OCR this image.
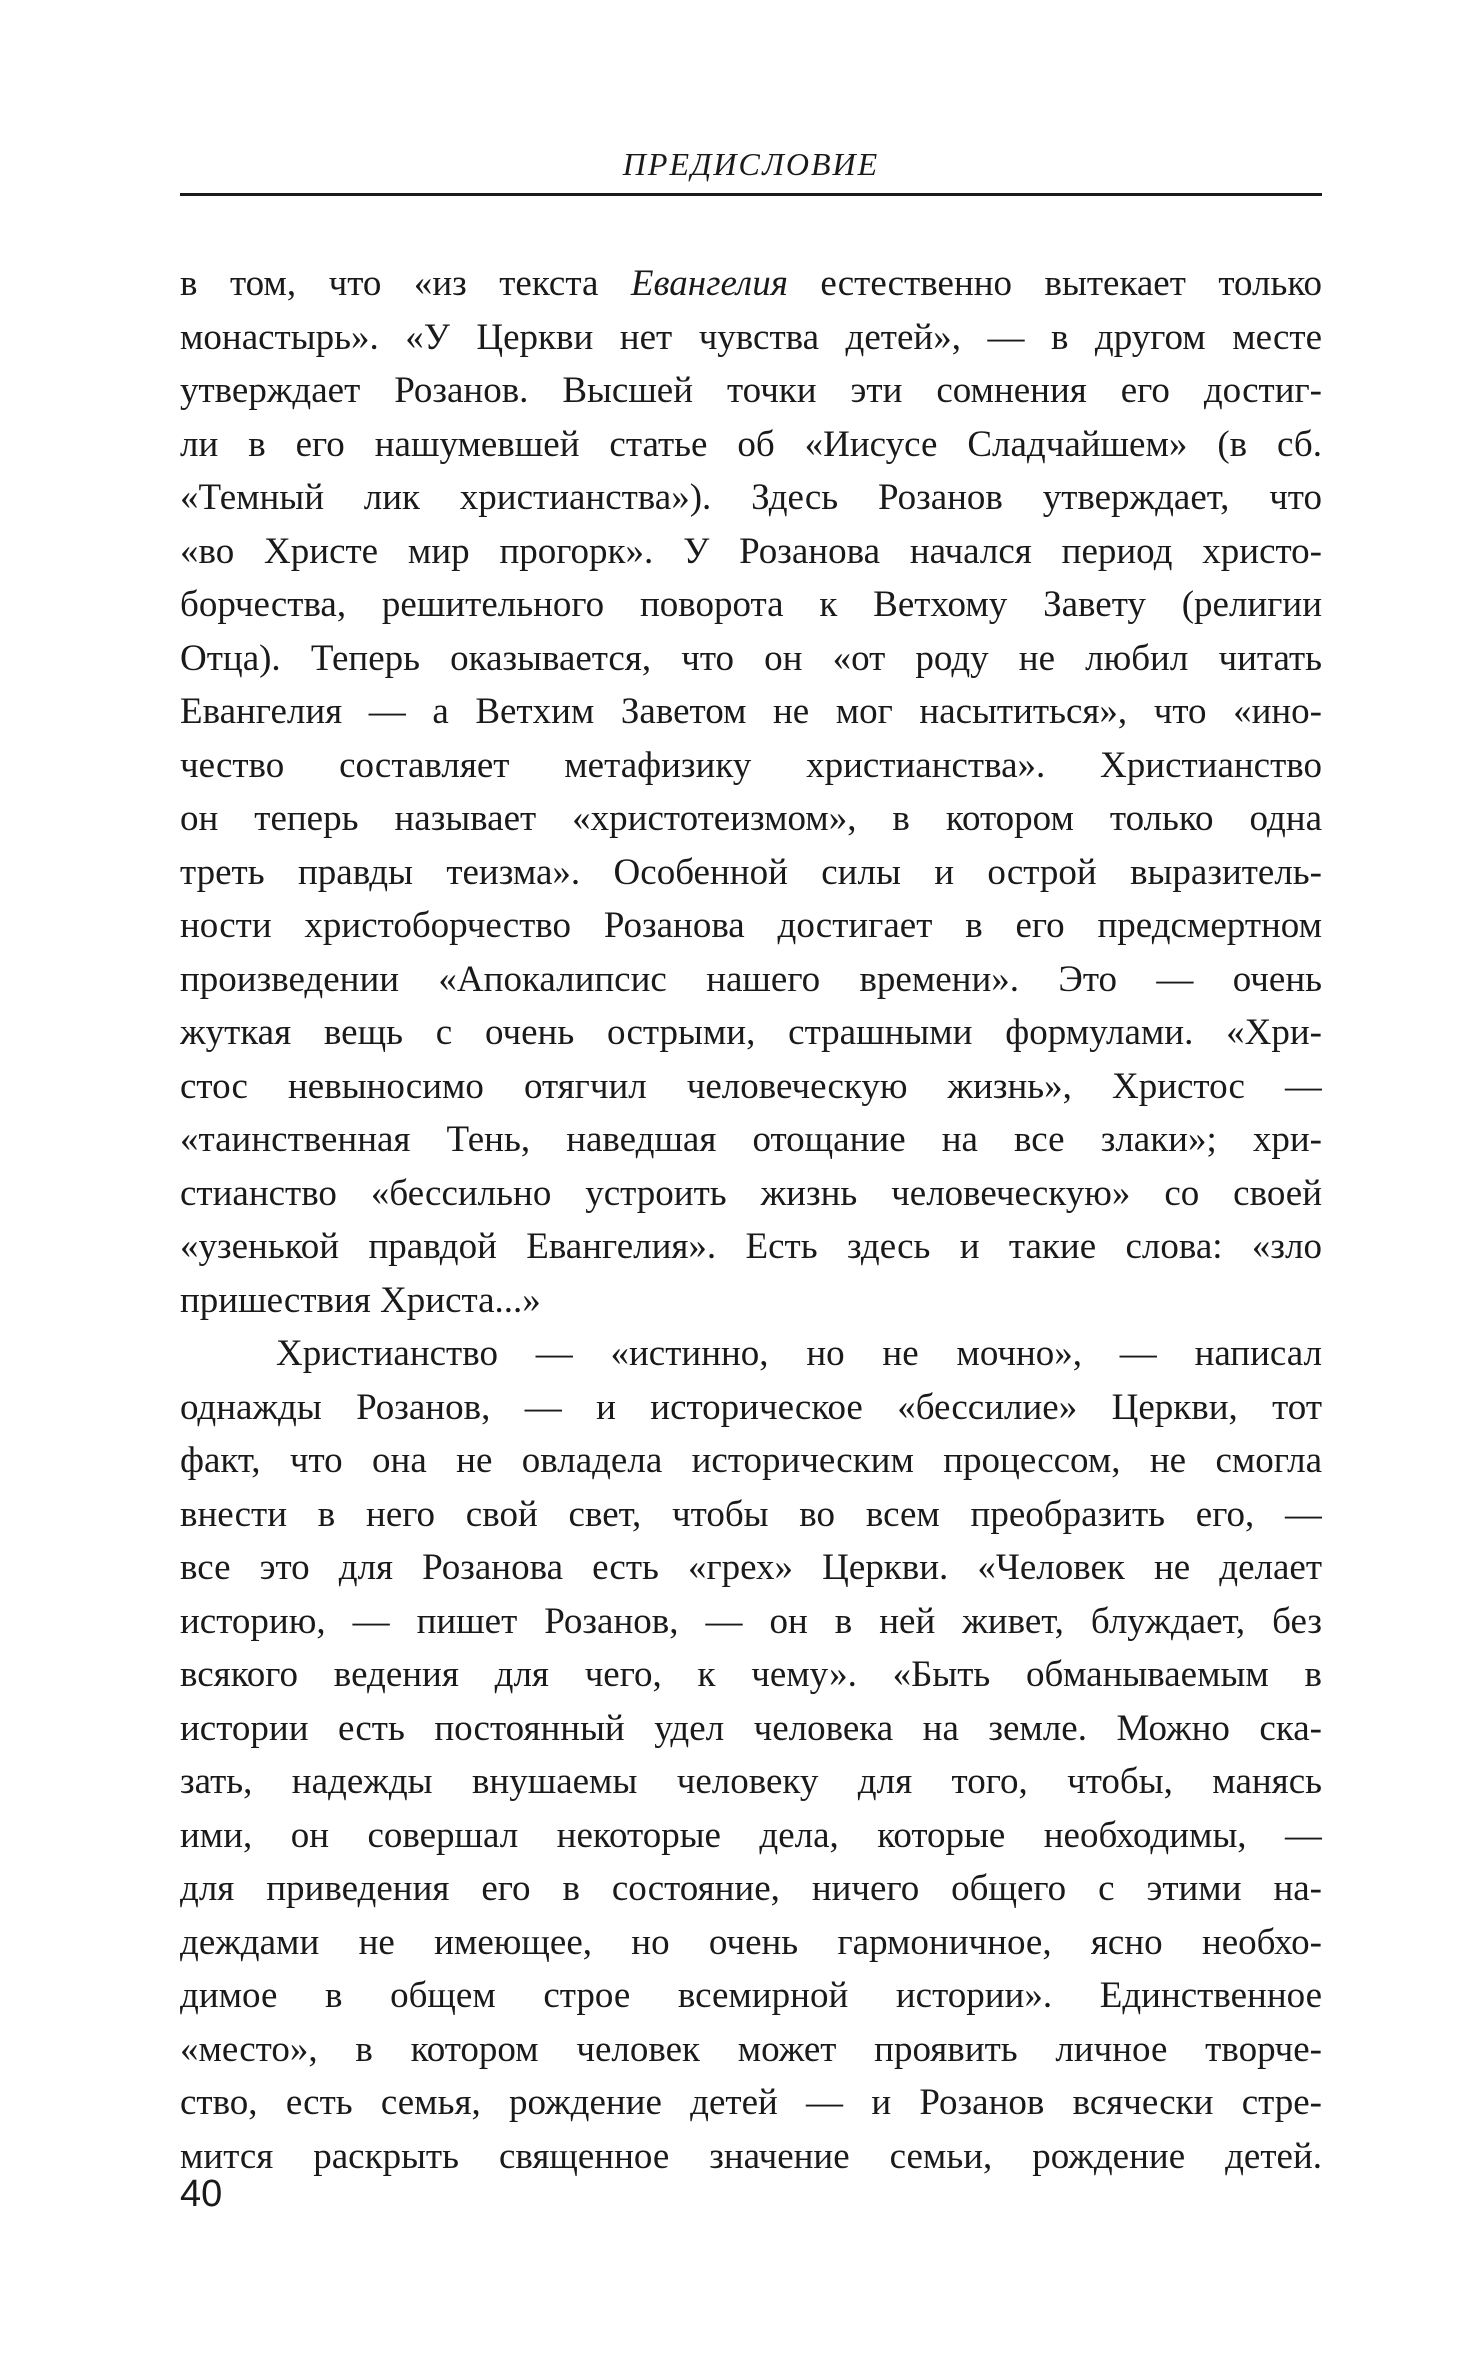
ПРЕДИСЛОВИЕ
в том, что «из текста Евангелия естественно вытекает только
монастырь». «У Церкви нет чувства детей», — в другом месте
утверждает Розанов. Высшей точки эти сомнения его достиг-
ли в его нашумевшей статье об «Иисусе Сладчайшем» (в сб.
«Темный лик христианства»). Здесь Розанов утверждает, что
«во Христе мир прогорк». У Розанова начался период христо-
борчества, решительного поворота к Ветхому Завету (религии
Отца). Теперь оказывается, что он «от роду не любил читать
Евангелия — а Ветхим Заветом не мог насытиться», что «ино-
чество составляет метафизику христианства». Христианство
он теперь называет «христотеизмом», в котором только одна
треть правды теизма». Особенной силы и острой выразитель-
ности христоборчество Розанова достигает в его предсмертном
произведении «Апокалипсис нашего времени». Это — очень
жуткая вещь с очень острыми, страшными формулами. «Хри-
стос невыносимо отягчил человеческую жизнь», Христос —
«таинственная Тень, наведшая отощание на все злаки»; хри-
стианство «бессильно устроить жизнь человеческую» со своей
«узенькой правдой Евангелия». Есть здесь и такие слова: «зло
пришествия Христа...»
Христианство — «истинно, но не мочно», — написал
однажды Розанов, — и историческое «бессилие» Церкви, тот
факт, что она не овладела историческим процессом, не смогла
внести в него свой свет, чтобы во всем преобразить его, —
все это для Розанова есть «грех» Церкви. «Человек не делает
историю, — пишет Розанов, — он в ней живет, блуждает, без
всякого ведения для чего, к чему». «Быть обманываемым в
истории есть постоянный удел человека на земле. Можно ска-
зать, надежды внушаемы человеку для того, чтобы, манясь
ими, он совершал некоторые дела, которые необходимы, —
для приведения его в состояние, ничего общего с этими на-
деждами не имеющее, но очень гармоничное, ясно необхо-
димое в общем строе всемирной истории». Единственное
«место», в котором человек может проявить личное творче-
ство, есть семья, рождение детей — и Розанов всячески стре-
мится раскрыть священное значение семьи, рождение детей.
40
